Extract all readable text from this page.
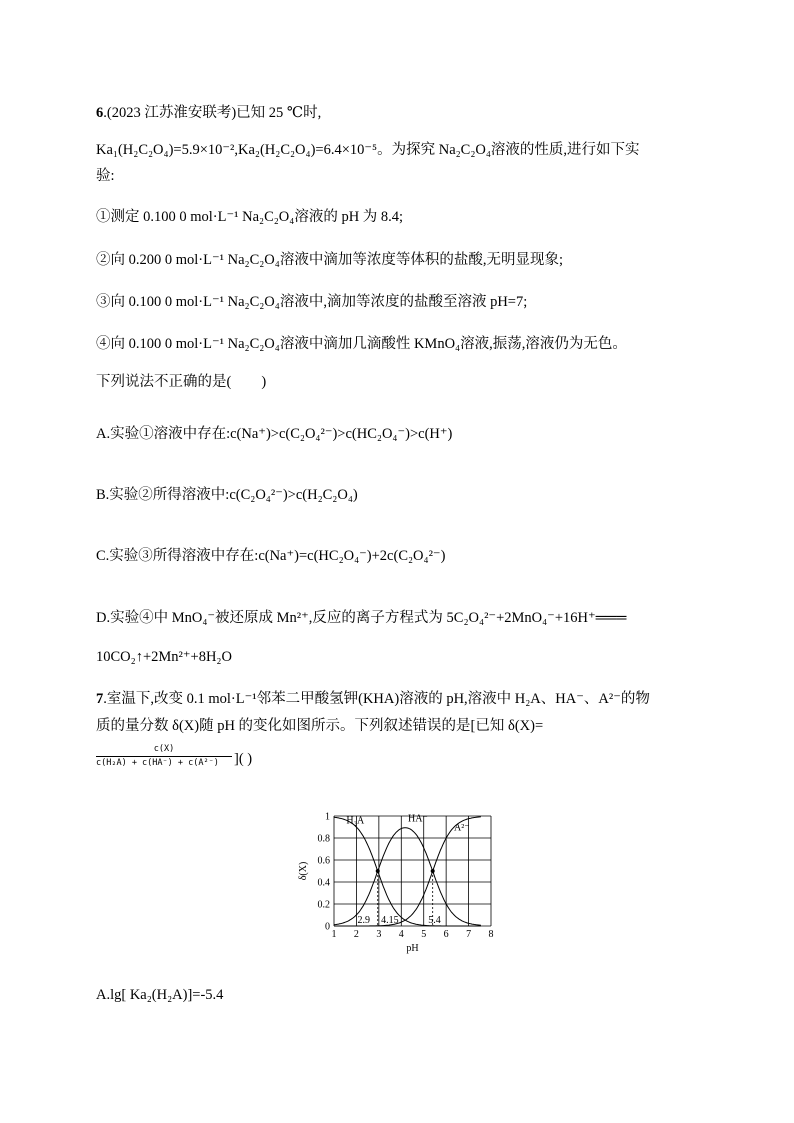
6.(2023 江苏淮安联考)已知 25 ℃时,
Ka₁(H₂C₂O₄)=5.9×10⁻²,Ka₂(H₂C₂O₄)=6.4×10⁻⁵。为探究 Na₂C₂O₄溶液的性质,进行如下实
验:
①测定 0.100 0 mol·L⁻¹ Na₂C₂O₄溶液的 pH 为 8.4;
②向 0.200 0 mol·L⁻¹ Na₂C₂O₄溶液中滴加等浓度等体积的盐酸,无明显现象;
③向 0.100 0 mol·L⁻¹ Na₂C₂O₄溶液中,滴加等浓度的盐酸至溶液 pH=7;
④向 0.100 0 mol·L⁻¹ Na₂C₂O₄溶液中滴加几滴酸性 KMnO₄溶液,振荡,溶液仍为无色。
下列说法不正确的是( )
A.实验①溶液中存在:c(Na⁺)>c(C₂O₄²⁻)>c(HC₂O₄⁻)>c(H⁺)
B.实验②所得溶液中:c(C₂O₄²⁻)>c(H₂C₂O₄)
C.实验③所得溶液中存在:c(Na⁺)=c(HC₂O₄⁻)+2c(C₂O₄²⁻)
D.实验④中 MnO₄⁻被还原成 Mn²⁺,反应的离子方程式为 5C₂O₄²⁻+2MnO₄⁻+16H⁺═══
10CO₂↑+2Mn²⁺+8H₂O
7.室温下,改变 0.1 mol·L⁻¹邻苯二甲酸氢钾(KHA)溶液的 pH,溶液中 H₂A、HA⁻、A²⁻的物
质的量分数 δ(X)随 pH 的变化如图所示。下列叙述错误的是[已知 δ(X)=
c(X)
c(H₂A) + c(HA⁻) + c(A²⁻)	]( )
1 2 3 4 5 6 7 8
0
0.2
0.4
0.6
0.8
1
pH
δ(X)
H₂A	HA⁻
A²⁻
2.9 4.15	5.4
A.lg[ Ka₂(H₂A)]=-5.4
